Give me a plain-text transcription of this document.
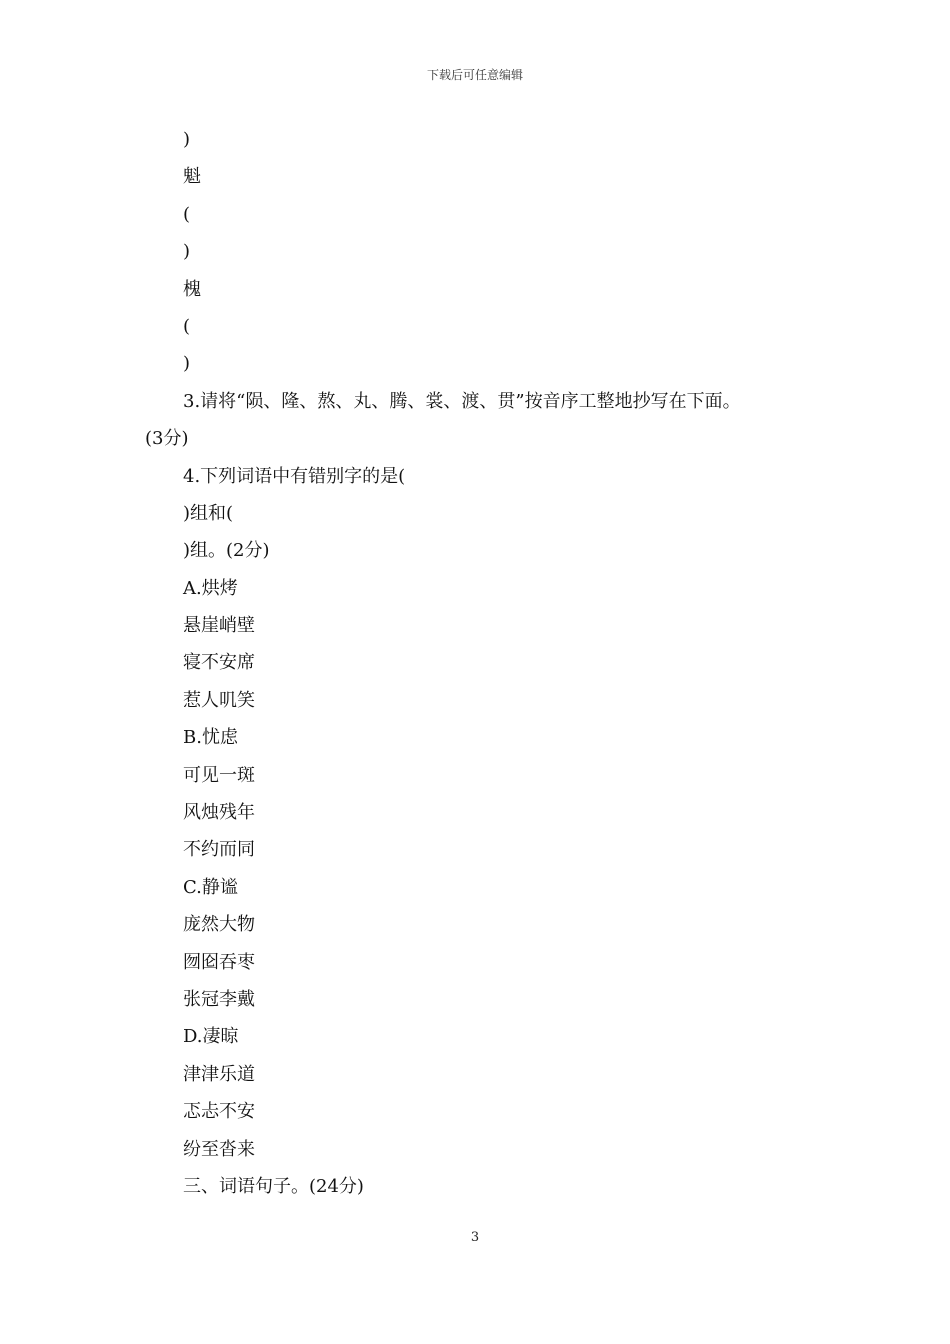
下载后可任意编辑
)
魁
(
)
槐
(
)
3.请将“陨、隆、熬、丸、腾、裳、渡、贯”按音序工整地抄写在下面。
(3分)
4.下列词语中有错别字的是(
)组和(
)组。(2分)
A.烘烤
悬崖峭壁
寝不安席
惹人叽笑
B.忧虑
可见一斑
风烛残年
不约而同
C.静谧
庞然大物
囫囵吞枣
张冠李戴
D.凄晾
津津乐道
忑忐不安
纷至沓来
三、词语句子。(24分)
3
